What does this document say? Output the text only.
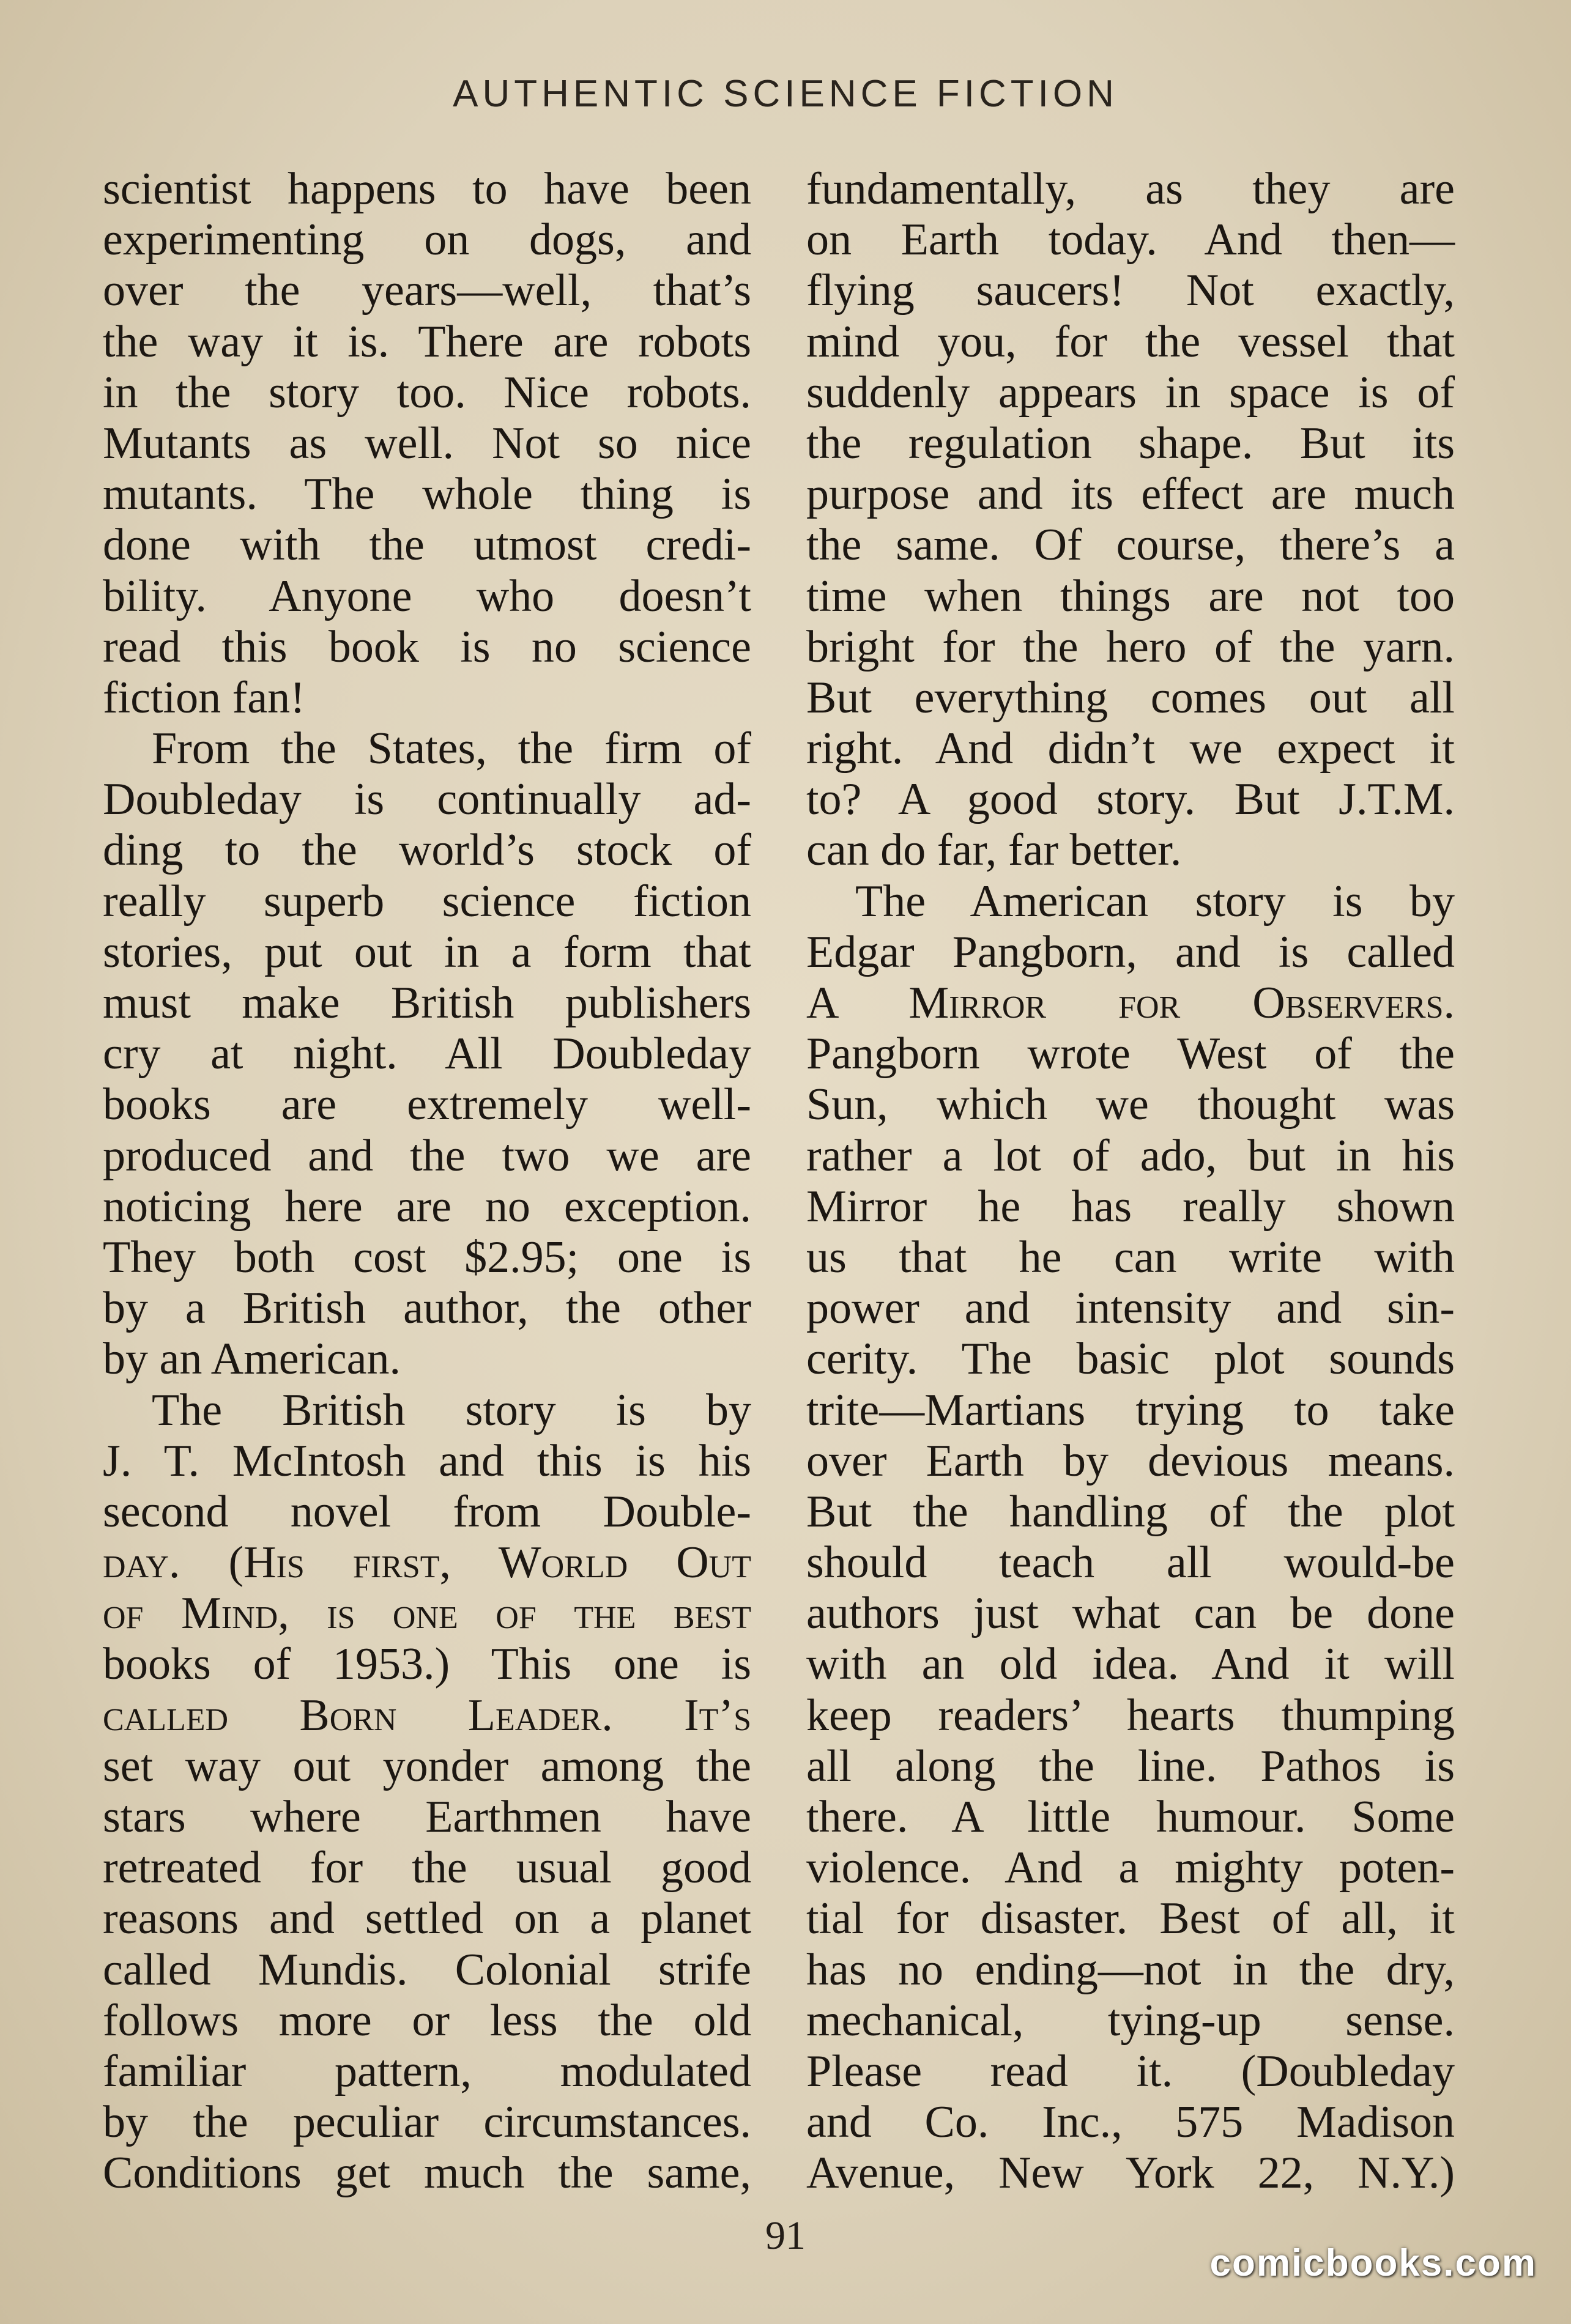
AUTHENTIC SCIENCE FICTION
scientist happens to have been
experimenting on dogs, and
over the years—well, that’s
the way it is. There are robots
in the story too. Nice robots.
Mutants as well. Not so nice
mutants. The whole thing is
done with the utmost credi-
bility. Anyone who doesn’t
read this book is no science
fiction fan!
From the States, the firm of
Doubleday is continually ad-
ding to the world’s stock of
really superb science fiction
stories, put out in a form that
must make British publishers
cry at night. All Doubleday
books are extremely well-
produced and the two we are
noticing here are no exception.
They both cost $2.95; one is
by a British author, the other
by an American.
The British story is by
J. T. McIntosh and this is his
second novel from Double-
day. (His first, World Out
of Mind, is one of the best
books of 1953.) This one is
called Born Leader. It’s
set way out yonder among the
stars where Earthmen have
retreated for the usual good
reasons and settled on a planet
called Mundis. Colonial strife
follows more or less the old
familiar pattern, modulated
by the peculiar circumstances.
Conditions get much the same,
fundamentally, as they are
on Earth today. And then—
flying saucers! Not exactly,
mind you, for the vessel that
suddenly appears in space is of
the regulation shape. But its
purpose and its effect are much
the same. Of course, there’s a
time when things are not too
bright for the hero of the yarn.
But everything comes out all
right. And didn’t we expect it
to? A good story. But J.T.M.
can do far, far better.
The American story is by
Edgar Pangborn, and is called
A Mirror for Observers.
Pangborn wrote West of the
Sun, which we thought was
rather a lot of ado, but in his
Mirror he has really shown
us that he can write with
power and intensity and sin-
cerity. The basic plot sounds
trite—Martians trying to take
over Earth by devious means.
But the handling of the plot
should teach all would-be
authors just what can be done
with an old idea. And it will
keep readers’ hearts thumping
all along the line. Pathos is
there. A little humour. Some
violence. And a mighty poten-
tial for disaster. Best of all, it
has no ending—not in the dry,
mechanical, tying-up sense.
Please read it. (Doubleday
and Co. Inc., 575 Madison
Avenue, New York 22, N.Y.)
91
comicbooks.com
